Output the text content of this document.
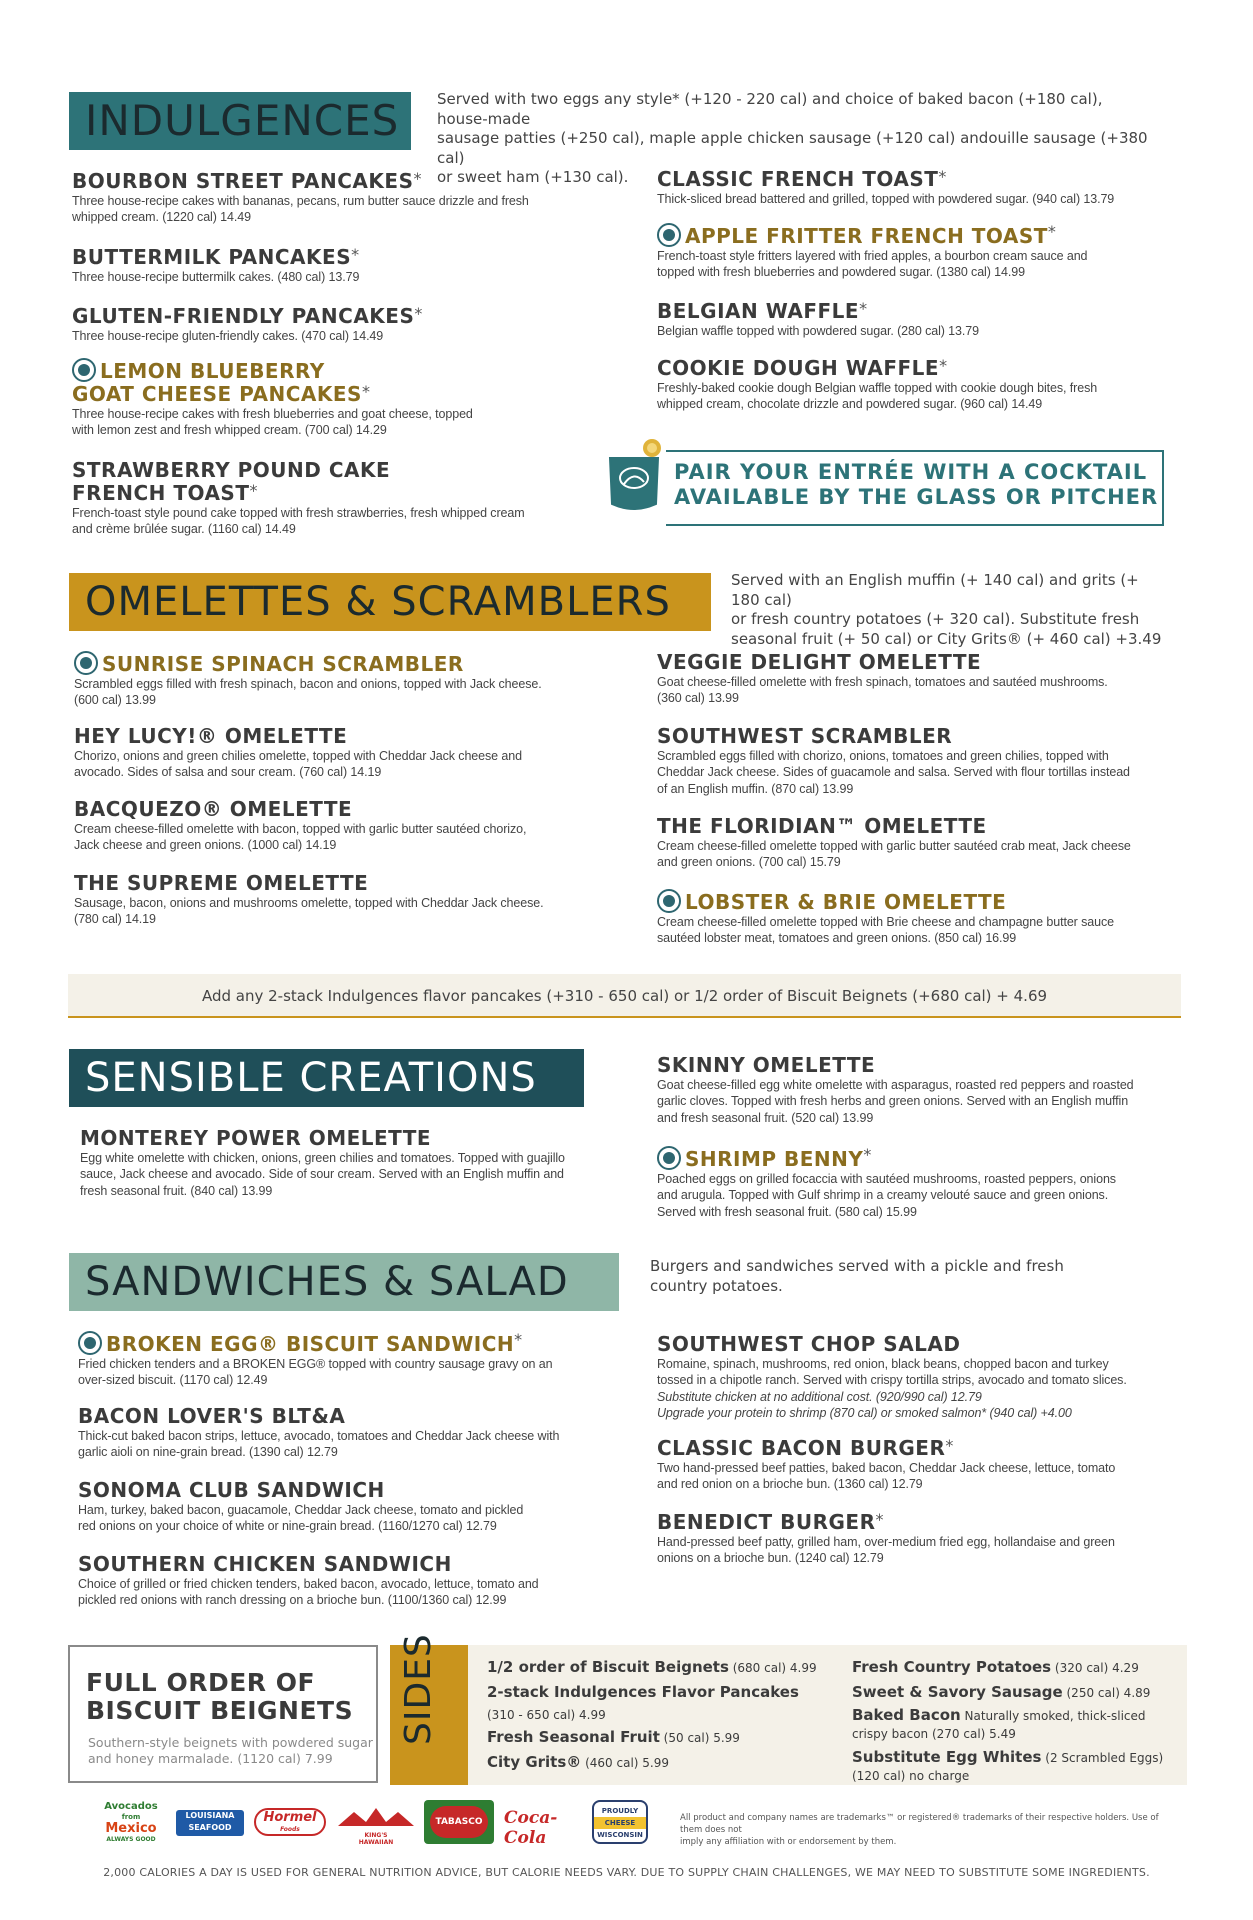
INDULGENCES	Served with two eggs any style* (+120 - 220 cal) and choice of baked bacon (+180 cal), house-made
sausage patties (+250 cal), maple apple chicken sausage (+120 cal) andouille sausage (+380 cal)
or sweet ham (+130 cal).
BOURBON STREET PANCAKES*
Three house-recipe cakes with bananas, pecans, rum butter sauce drizzle and fresh
whipped cream. (1220 cal) 14.49
BUTTERMILK PANCAKES*
Three house-recipe buttermilk cakes. (480 cal) 13.79
GLUTEN-FRIENDLY PANCAKES*
Three house-recipe gluten-friendly cakes. (470 cal) 14.49
LEMON BLUEBERRY
GOAT CHEESE PANCAKES*
Three house-recipe cakes with fresh blueberries and goat cheese, topped
with lemon zest and fresh whipped cream. (700 cal) 14.29
STRAWBERRY POUND CAKE
FRENCH TOAST*
French-toast style pound cake topped with fresh strawberries, fresh whipped cream
and crème brûlée sugar. (1160 cal) 14.49
CLASSIC FRENCH TOAST*
Thick-sliced bread battered and grilled, topped with powdered sugar. (940 cal) 13.79
APPLE FRITTER FRENCH TOAST*
French-toast style fritters layered with fried apples, a bourbon cream sauce and
topped with fresh blueberries and powdered sugar. (1380 cal) 14.99
BELGIAN WAFFLE*
Belgian waffle topped with powdered sugar. (280 cal) 13.79
COOKIE DOUGH WAFFLE*
Freshly-baked cookie dough Belgian waffle topped with cookie dough bites, fresh
whipped cream, chocolate drizzle and powdered sugar. (960 cal) 14.49
PAIR YOUR ENTRÉE WITH A COCKTAIL
AVAILABLE BY THE GLASS OR PITCHER
OMELETTES & SCRAMBLERS	Served with an English muffin (+ 140 cal) and grits (+ 180 cal)
or fresh country potatoes (+ 320 cal). Substitute fresh
seasonal fruit (+ 50 cal) or City Grits® (+ 460 cal) +3.49
SUNRISE SPINACH SCRAMBLER
Scrambled eggs filled with fresh spinach, bacon and onions, topped with Jack cheese.
(600 cal) 13.99
HEY LUCY!® OMELETTE
Chorizo, onions and green chilies omelette, topped with Cheddar Jack cheese and
avocado. Sides of salsa and sour cream. (760 cal) 14.19
BACQUEZO® OMELETTE
Cream cheese-filled omelette with bacon, topped with garlic butter sautéed chorizo,
Jack cheese and green onions. (1000 cal) 14.19
THE SUPREME OMELETTE
Sausage, bacon, onions and mushrooms omelette, topped with Cheddar Jack cheese.
(780 cal) 14.19
VEGGIE DELIGHT OMELETTE
Goat cheese-filled omelette with fresh spinach, tomatoes and sautéed mushrooms.
(360 cal) 13.99
SOUTHWEST SCRAMBLER
Scrambled eggs filled with chorizo, onions, tomatoes and green chilies, topped with
Cheddar Jack cheese. Sides of guacamole and salsa. Served with flour tortillas instead
of an English muffin. (870 cal) 13.99
THE FLORIDIAN™ OMELETTE
Cream cheese-filled omelette topped with garlic butter sautéed crab meat, Jack cheese
and green onions. (700 cal) 15.79
LOBSTER & BRIE OMELETTE
Cream cheese-filled omelette topped with Brie cheese and champagne butter sauce
sautéed lobster meat, tomatoes and green onions. (850 cal) 16.99
Add any 2-stack Indulgences flavor pancakes (+310 - 650 cal) or 1/2 order of Biscuit Beignets (+680 cal) + 4.69
SENSIBLE CREATIONS
MONTEREY POWER OMELETTE
Egg white omelette with chicken, onions, green chilies and tomatoes. Topped with guajillo
sauce, Jack cheese and avocado. Side of sour cream. Served with an English muffin and
fresh seasonal fruit. (840 cal) 13.99
SKINNY OMELETTE
Goat cheese-filled egg white omelette with asparagus, roasted red peppers and roasted
garlic cloves. Topped with fresh herbs and green onions. Served with an English muffin
and fresh seasonal fruit. (520 cal) 13.99
SHRIMP BENNY*
Poached eggs on grilled focaccia with sautéed mushrooms, roasted peppers, onions
and arugula. Topped with Gulf shrimp in a creamy velouté sauce and green onions.
Served with fresh seasonal fruit. (580 cal) 15.99
SANDWICHES & SALAD	Burgers and sandwiches served with a pickle and fresh
country potatoes.
BROKEN EGG® BISCUIT SANDWICH*
Fried chicken tenders and a BROKEN EGG® topped with country sausage gravy on an
over-sized biscuit. (1170 cal) 12.49
BACON LOVER'S BLT&A
Thick-cut baked bacon strips, lettuce, avocado, tomatoes and Cheddar Jack cheese with
garlic aioli on nine-grain bread. (1390 cal) 12.79
SONOMA CLUB SANDWICH
Ham, turkey, baked bacon, guacamole, Cheddar Jack cheese, tomato and pickled
red onions on your choice of white or nine-grain bread. (1160/1270 cal) 12.79
SOUTHERN CHICKEN SANDWICH
Choice of grilled or fried chicken tenders, baked bacon, avocado, lettuce, tomato and
pickled red onions with ranch dressing on a brioche bun. (1100/1360 cal) 12.99
SOUTHWEST CHOP SALAD
Romaine, spinach, mushrooms, red onion, black beans, chopped bacon and turkey
tossed in a chipotle ranch. Served with crispy tortilla strips, avocado and tomato slices.
Substitute chicken at no additional cost. (920/990 cal) 12.79
Upgrade your protein to shrimp (870 cal) or smoked salmon* (940 cal) +4.00
CLASSIC BACON BURGER*
Two hand-pressed beef patties, baked bacon, Cheddar Jack cheese, lettuce, tomato
and red onion on a brioche bun. (1360 cal) 12.79
BENEDICT BURGER*
Hand-pressed beef patty, grilled ham, over-medium fried egg, hollandaise and green
onions on a brioche bun. (1240 cal) 12.79
FULL ORDER OF
BISCUIT BEIGNETS
Southern-style beignets with powdered sugar
and honey marmalade. (1120 cal) 7.99
SIDES	1/2 order of Biscuit Beignets (680 cal) 4.99
2-stack Indulgences Flavor Pancakes
(310 - 650 cal) 4.99
Fresh Seasonal Fruit (50 cal) 5.99
City Grits® (460 cal) 5.99
Fresh Country Potatoes (320 cal) 4.29
Sweet & Savory Sausage (250 cal) 4.89
Baked Bacon Naturally smoked, thick-sliced
crispy bacon (270 cal) 5.49
Substitute Egg Whites (2 Scrambled Eggs)
(120 cal) no charge
Avocados
from
Mexico
ALWAYS GOOD
LOUISIANA
SEAFOOD
Hormel
Foods
KING'S
HAWAIIAN
TABASCO	Coca-Cola
PROUDLY
CHEESE
WISCONSIN
All product and company names are trademarks™ or registered® trademarks of their respective holders. Use of them does not
imply any affiliation with or endorsement by them.
2,000 CALORIES A DAY IS USED FOR GENERAL NUTRITION ADVICE, BUT CALORIE NEEDS VARY. DUE TO SUPPLY CHAIN CHALLENGES, WE MAY NEED TO SUBSTITUTE SOME INGREDIENTS.
